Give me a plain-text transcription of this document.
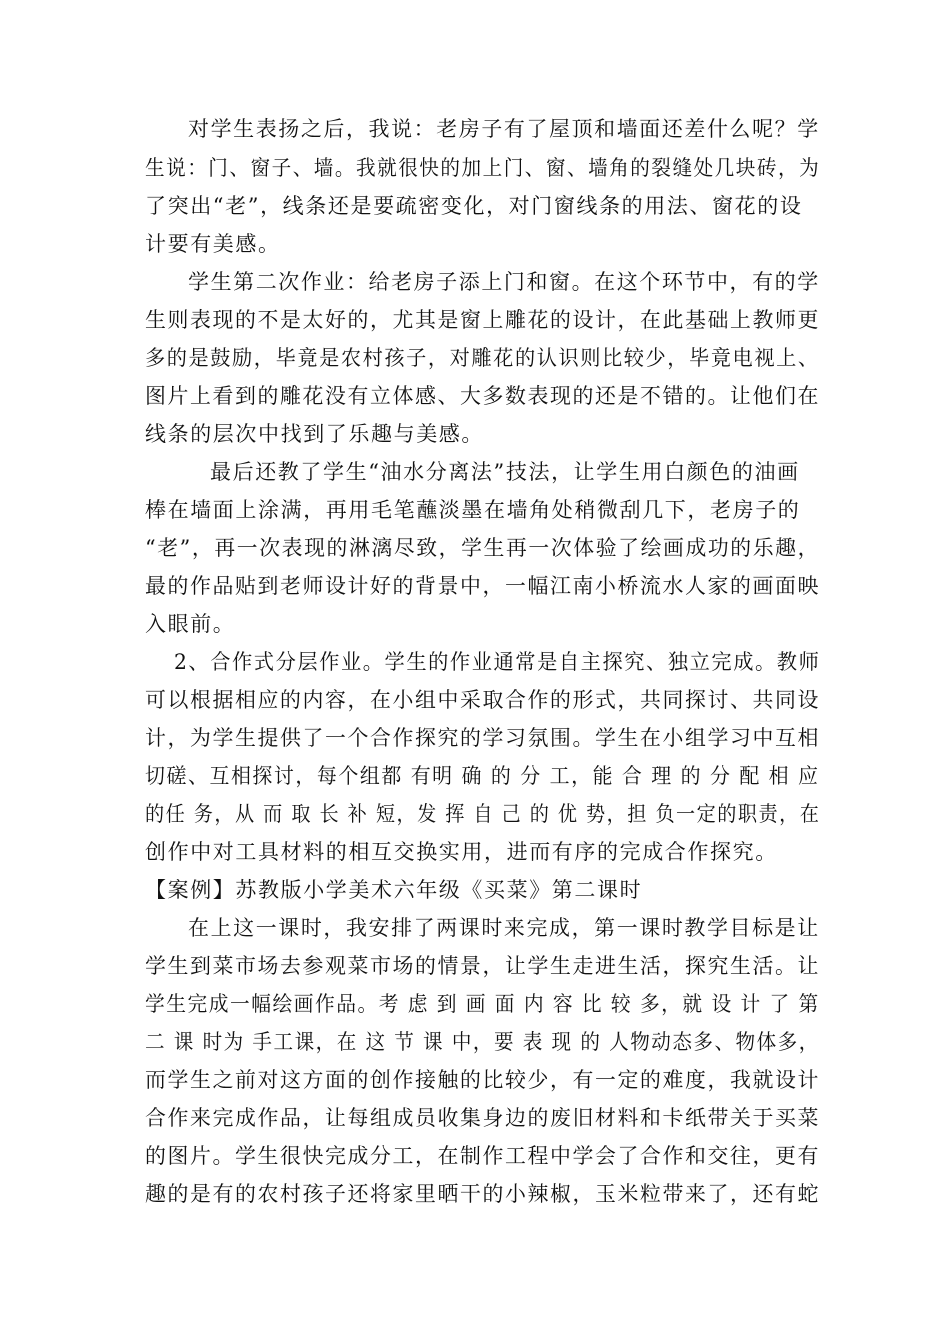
对学生表扬之后，我说：老房子有了屋顶和墙面还差什么呢？学
生说：门、窗子、墙。我就很快的加上门、窗、墙角的裂缝处几块砖，为
了突出“老”，线条还是要疏密变化，对门窗线条的用法、窗花的设
计要有美感。
学生第二次作业：给老房子添上门和窗。在这个环节中，有的学
生则表现的不是太好的，尤其是窗上雕花的设计，在此基础上教师更
多的是鼓励，毕竟是农村孩子，对雕花的认识则比较少，毕竟电视上、
图片上看到的雕花没有立体感、大多数表现的还是不错的。让他们在
线条的层次中找到了乐趣与美感。
最后还教了学生“油水分离法”技法，让学生用白颜色的油画
棒在墙面上涂满，再用毛笔蘸淡墨在墙角处稍微刮几下，老房子的
“老”，再一次表现的淋漓尽致，学生再一次体验了绘画成功的乐趣，
最的作品贴到老师设计好的背景中，一幅江南小桥流水人家的画面映
入眼前。
2、合作式分层作业。学生的作业通常是自主探究、独立完成。教师
可以根据相应的内容，在小组中采取合作的形式，共同探讨、共同设
计，为学生提供了一个合作探究的学习氛围。学生在小组学习中互相
切磋、互相探讨，每个组都 有明 确 的 分 工，能 合 理 的 分 配 相 应
的任 务，从 而 取 长 补 短，发 挥 自 己 的 优 势，担 负一定的职责，在
创作中对工具材料的相互交换实用，进而有序的完成合作探究。
【案例】苏教版小学美术六年级《买菜》第二课时
在上这一课时，我安排了两课时来完成，第一课时教学目标是让
学生到菜市场去参观菜市场的情景，让学生走进生活，探究生活。让
学生完成一幅绘画作品。考 虑 到 画 面 内 容 比 较 多，就 设 计 了 第
二 课 时为 手工课，在 这 节 课 中，要 表 现 的 人物动态多、物体多，
而学生之前对这方面的创作接触的比较少，有一定的难度，我就设计
合作来完成作品，让每组成员收集身边的废旧材料和卡纸带关于买菜
的图片。学生很快完成分工，在制作工程中学会了合作和交往，更有
趣的是有的农村孩子还将家里晒干的小辣椒，玉米粒带来了，还有蛇
